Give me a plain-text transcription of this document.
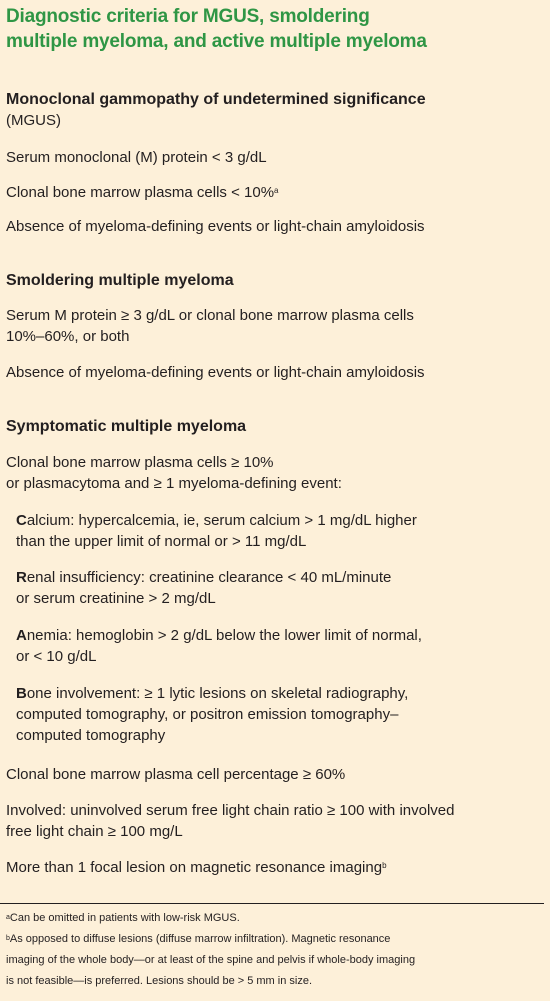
Diagnostic criteria for MGUS, smoldering
multiple myeloma, and active multiple myeloma
Monoclonal gammopathy of undetermined significance
(MGUS)
Serum monoclonal (M) protein < 3 g/dL
Clonal bone marrow plasma cells < 10%$^a$
Absence of myeloma-defining events or light-chain amyloidosis
Smoldering multiple myeloma
Serum M protein ≥ 3 g/dL or clonal bone marrow plasma cells
10%–60%, or both
Absence of myeloma-defining events or light-chain amyloidosis
Symptomatic multiple myeloma
Clonal bone marrow plasma cells ≥ 10%
or plasmacytoma and ≥ 1 myeloma-defining event:
Calcium: hypercalcemia, ie, serum calcium > 1 mg/dL higher
than the upper limit of normal or > 11 mg/dL
Renal insufficiency: creatinine clearance < 40 mL/minute
or serum creatinine > 2 mg/dL
Anemia: hemoglobin > 2 g/dL below the lower limit of normal,
or < 10 g/dL
Bone involvement: ≥ 1 lytic lesions on skeletal radiography,
computed tomography, or positron emission tomography–
computed tomography
Clonal bone marrow plasma cell percentage ≥ 60%
Involved: uninvolved serum free light chain ratio ≥ 100 with involved
free light chain ≥ 100 mg/L
More than 1 focal lesion on magnetic resonance imaging$^b$
$^a$Can be omitted in patients with low-risk MGUS.
$^b$As opposed to diffuse lesions (diffuse marrow infiltration). Magnetic resonance
imaging of the whole body—or at least of the spine and pelvis if whole-body imaging
is not feasible—is preferred. Lesions should be > 5 mm in size.
